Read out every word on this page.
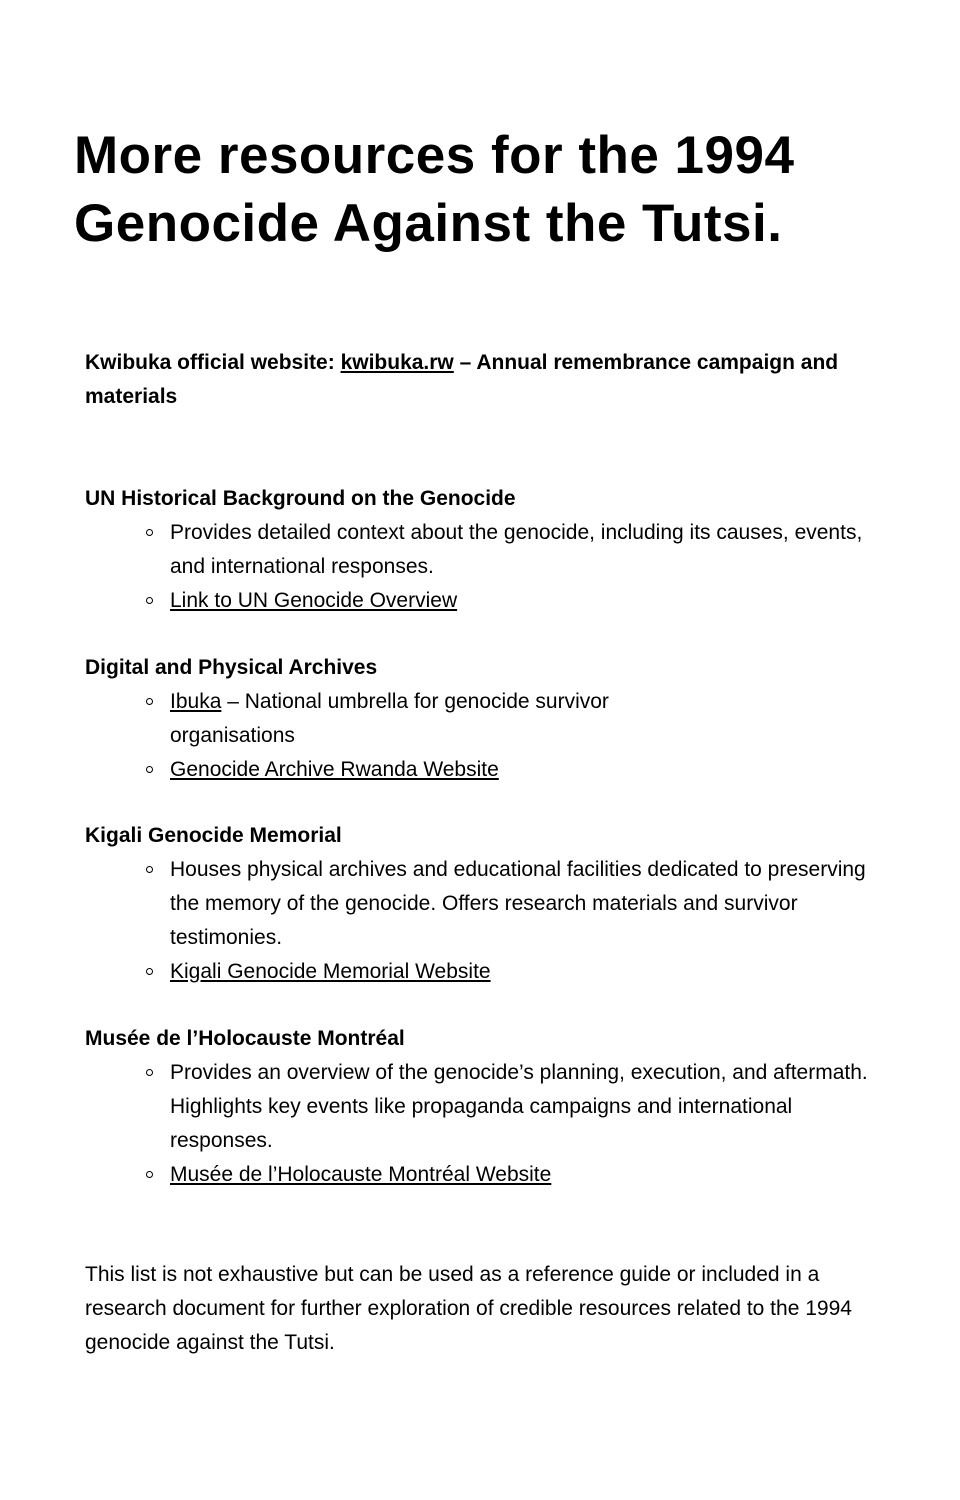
More resources for the 1994
Genocide Against the Tutsi.

Kwibuka official website: kwibuka.rw – Annual remembrance campaign and materials

UN Historical Background on the Genocide
Provides detailed context about the genocide, including its causes, events, and international responses.
Link to UN Genocide Overview
Digital and Physical Archives
Ibuka – National umbrella for genocide survivor organisations
Genocide Archive Rwanda Website
Kigali Genocide Memorial
Houses physical archives and educational facilities dedicated to preserving the memory of the genocide. Offers research materials and survivor testimonies.
Kigali Genocide Memorial Website
Musée de l’Holocauste Montréal
Provides an overview of the genocide’s planning, execution, and aftermath. Highlights key events like propaganda campaigns and international responses.
Musée de l’Holocauste Montréal Website

This list is not exhaustive but can be used as a reference guide or included in a research document for further exploration of credible resources related to the 1994 genocide against the Tutsi.
